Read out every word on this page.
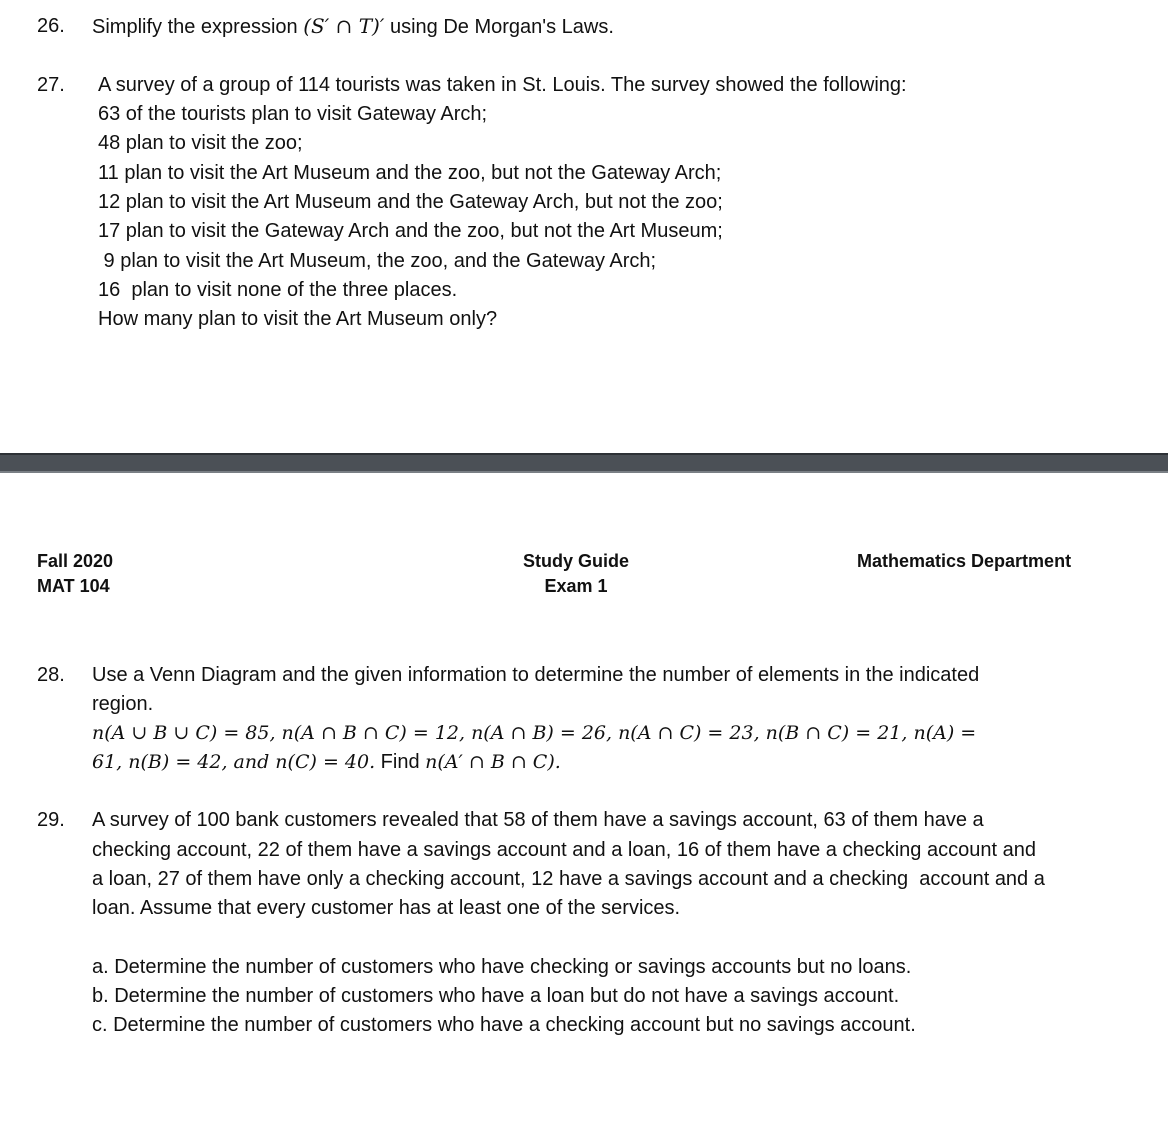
26. Simplify the expression (S′ ∩ T)′ using De Morgan's Laws.
27. A survey of a group of 114 tourists was taken in St. Louis. The survey showed the following:
63 of the tourists plan to visit Gateway Arch;
48 plan to visit the zoo;
11 plan to visit the Art Museum and the zoo, but not the Gateway Arch;
12 plan to visit the Art Museum and the Gateway Arch, but not the zoo;
17 plan to visit the Gateway Arch and the zoo, but not the Art Museum;
9 plan to visit the Art Museum, the zoo, and the Gateway Arch;
16  plan to visit none of the three places.
How many plan to visit the Art Museum only?
Fall 2020
MAT 104
Study Guide
Exam 1
Mathematics Department
28. Use a Venn Diagram and the given information to determine the number of elements in the indicated
region.
n(A ∪ B ∪ C) = 85, n(A ∩ B ∩ C) = 12, n(A ∩ B) = 26, n(A ∩ C) = 23, n(B ∩ C) = 21, n(A) =
61, n(B) = 42, and n(C) = 40. Find n(A′ ∩ B ∩ C).
29. A survey of 100 bank customers revealed that 58 of them have a savings account, 63 of them have a
checking account, 22 of them have a savings account and a loan, 16 of them have a checking account and
a loan, 27 of them have only a checking account, 12 have a savings account and a checking  account and a
loan. Assume that every customer has at least one of the services.
a. Determine the number of customers who have checking or savings accounts but no loans.
b. Determine the number of customers who have a loan but do not have a savings account.
c. Determine the number of customers who have a checking account but no savings account.
